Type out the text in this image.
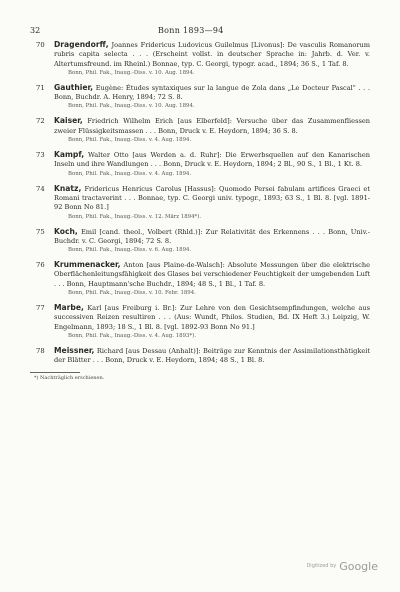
32	Bonn 1893—94
70 Dragendorff, Joannes Fridericus Ludovicus Guilelmus [Livonus]: De vasculis Romanorum rubris capita selecta . . . (Erscheint vollst. in deutscher Sprache in: Jahrb. d. Ver. v. Altertumsfreund. im Rheinl.) Bonnae, typ. C. Georgi, typogr. acad., 1894; 36 S., 1 Taf. 8.
Bonn, Phil. Fak., Inaug.-Diss. v. 10. Aug. 1894.
71 Gauthier, Eugène: Études syntaxiques sur la langue de Zola dans „Le Docteur Pascal" . . . Bonn, Buchdr. A. Henry, 1894; 72 S. 8.
Bonn, Phil. Fak., Inaug.-Diss. v. 10. Aug. 1894.
72 Kaiser, Friedrich Wilhelm Erich [aus Elberfeld]: Versuche über das Zusammenfliessen zweier Flüssigkeitsmassen . . . Bonn, Druck v. E. Heydorn, 1894; 36 S. 8.
Bonn, Phil. Fak., Inaug.-Diss. v. 4. Aug. 1894.
73 Kampf, Walter Otto [aus Werden a. d. Ruhr]: Die Erwerbsquellen auf den Kanarischen Inseln und ihre Wandlungen . . . Bonn, Druck v. E. Heydorn, 1894; 2 Bl., 90 S., 1 Bl., 1 Kt. 8.
Bonn, Phil. Fak., Inaug.-Diss. v. 4. Aug. 1894.
74 Knatz, Fridericus Henricus Carolus [Hassus]: Quomodo Persei fabulam artifices Graeci et Romani tractaverint . . . Bonnae, typ. C. Georgi univ. typogr., 1893; 63 S., 1 Bl. 8. [vgl. 1891-92 Bonn No 81.]
Bonn, Phil. Fak., Inaug.-Diss. v. 12. März 1894*).
75 Koch, Emil [cand. theol., Volbert (Rhld.)]: Zur Relativität des Erkennens . . . Bonn, Univ.-Buchdr. v. C. Georgi, 1894; 72 S. 8.
Bonn, Phil. Fak., Inaug.-Diss. v. 6. Aug. 1894.
76 Krummenacker, Anton [aus Plaine-de-Walsch]: Absolute Messungen über die elektrische Oberflächenleitungsfähigkeit des Glases bei verschiedener Feuchtigkeit der umgebenden Luft . . . Bonn, Hauptmann'sche Buchdr., 1894; 48 S., 1 Bl., 1 Taf. 8.
Bonn, Phil. Fak., Inaug.-Diss. v. 10. Febr. 1894.
77 Marbe, Karl [aus Freiburg i. Br.]: Zur Lehre von den Gesichtsempfindungen, welche aus successiven Reizen resultiren . . . (Aus: Wundt, Philos. Studien, Bd. IX Heft 3.) Leipzig, W. Engelmann, 1893; 18 S., 1 Bl. 8. [vgl. 1892-93 Bonn No 91.]
Bonn, Phil. Fak., Inaug.-Diss. v. 4. Aug. 1893*).
78 Meissner, Richard [aus Dessau (Anhalt)]: Beiträge zur Kenntnis der Assimilationsthätigkeit der Blätter . . . Bonn, Druck v. E. Heydorn, 1894; 48 S., 1 Bl. 8.
*) Nachträglich erschienen.
Digitized by Google
